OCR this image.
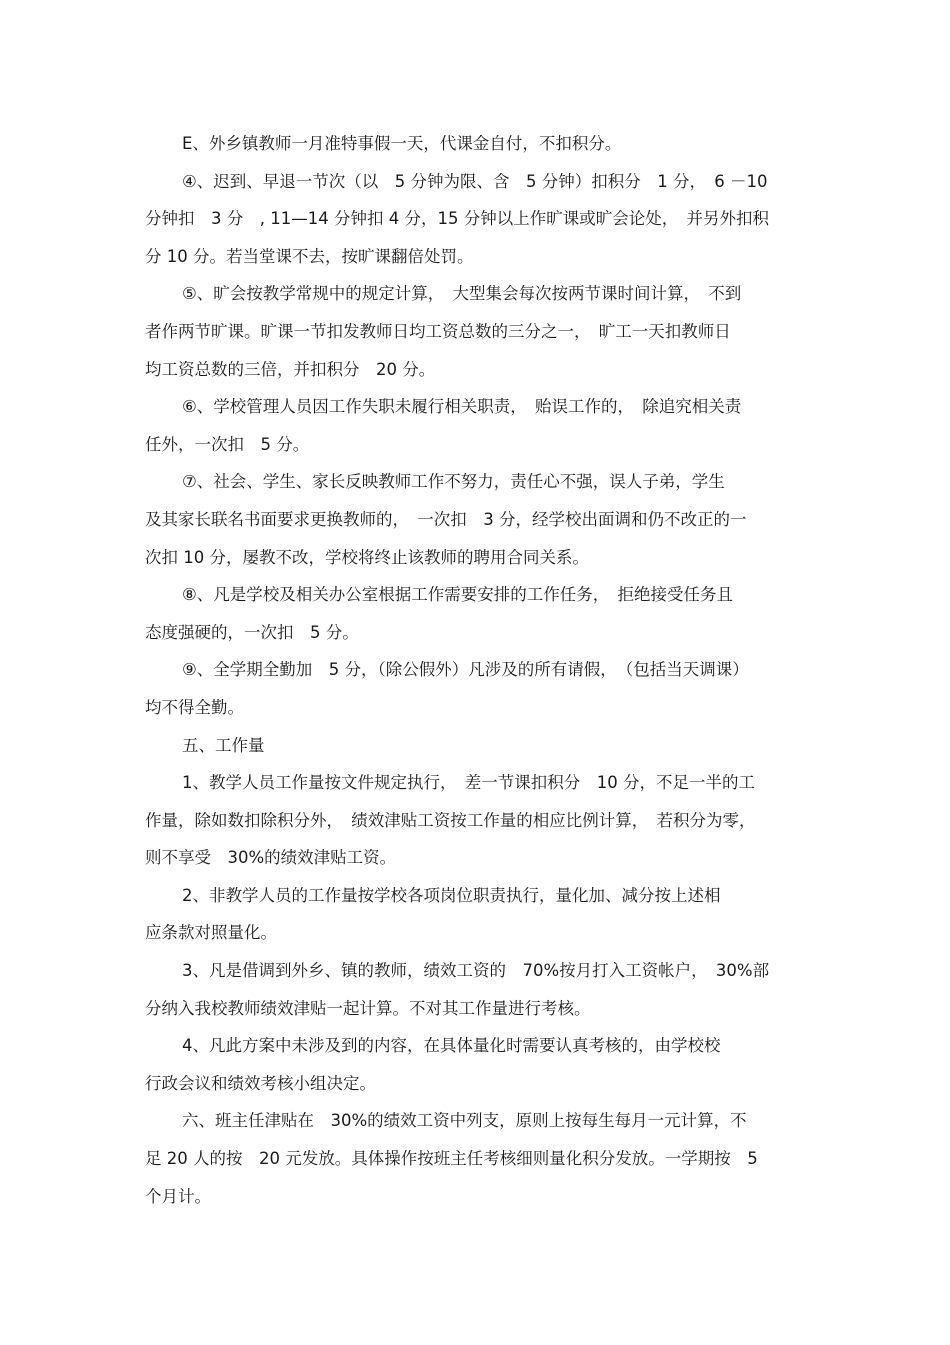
E、外乡镇教师一月准特事假一天，代课金自付，不扣积分。
④、迟到、早退一节次（以　5 分钟为限、含　5 分钟）扣积分　1 分，　6 －10
分钟扣　3 分　, 11—14 分钟扣 4 分，15 分钟以上作旷课或旷会论处，　并另外扣积
分 10 分。若当堂课不去，按旷课翻倍处罚。
⑤、旷会按教学常规中的规定计算，　大型集会每次按两节课时间计算，　不到
者作两节旷课。旷课一节扣发教师日均工资总数的三分之一，　旷工一天扣教师日
均工资总数的三倍，并扣积分　20 分。
⑥、学校管理人员因工作失职未履行相关职责，　贻误工作的，　除追究相关责
任外，一次扣　5 分。
⑦、社会、学生、家长反映教师工作不努力，责任心不强，误人子弟，学生
及其家长联名书面要求更换教师的，　一次扣　3 分，经学校出面调和仍不改正的一
次扣 10 分，屡教不改，学校将终止该教师的聘用合同关系。
⑧、凡是学校及相关办公室根据工作需要安排的工作任务，　拒绝接受任务且
态度强硬的，一次扣　5 分。
⑨、全学期全勤加　5 分，（除公假外）凡涉及的所有请假，　（包括当天调课）
均不得全勤。
五、工作量
1、教学人员工作量按文件规定执行，　差一节课扣积分　10 分，不足一半的工
作量，除如数扣除积分外，　绩效津贴工资按工作量的相应比例计算，　若积分为零，
则不享受　30%的绩效津贴工资。
2、非教学人员的工作量按学校各项岗位职责执行，量化加、减分按上述相
应条款对照量化。
3、凡是借调到外乡、镇的教师，绩效工资的　70%按月打入工资帐户，　30%部
分纳入我校教师绩效津贴一起计算。不对其工作量进行考核。
4、凡此方案中未涉及到的内容，在具体量化时需要认真考核的，由学校校
行政会议和绩效考核小组决定。
六、班主任津贴在　30%的绩效工资中列支，原则上按每生每月一元计算，不
足 20 人的按　20 元发放。具体操作按班主任考核细则量化积分发放。一学期按　5
个月计。
